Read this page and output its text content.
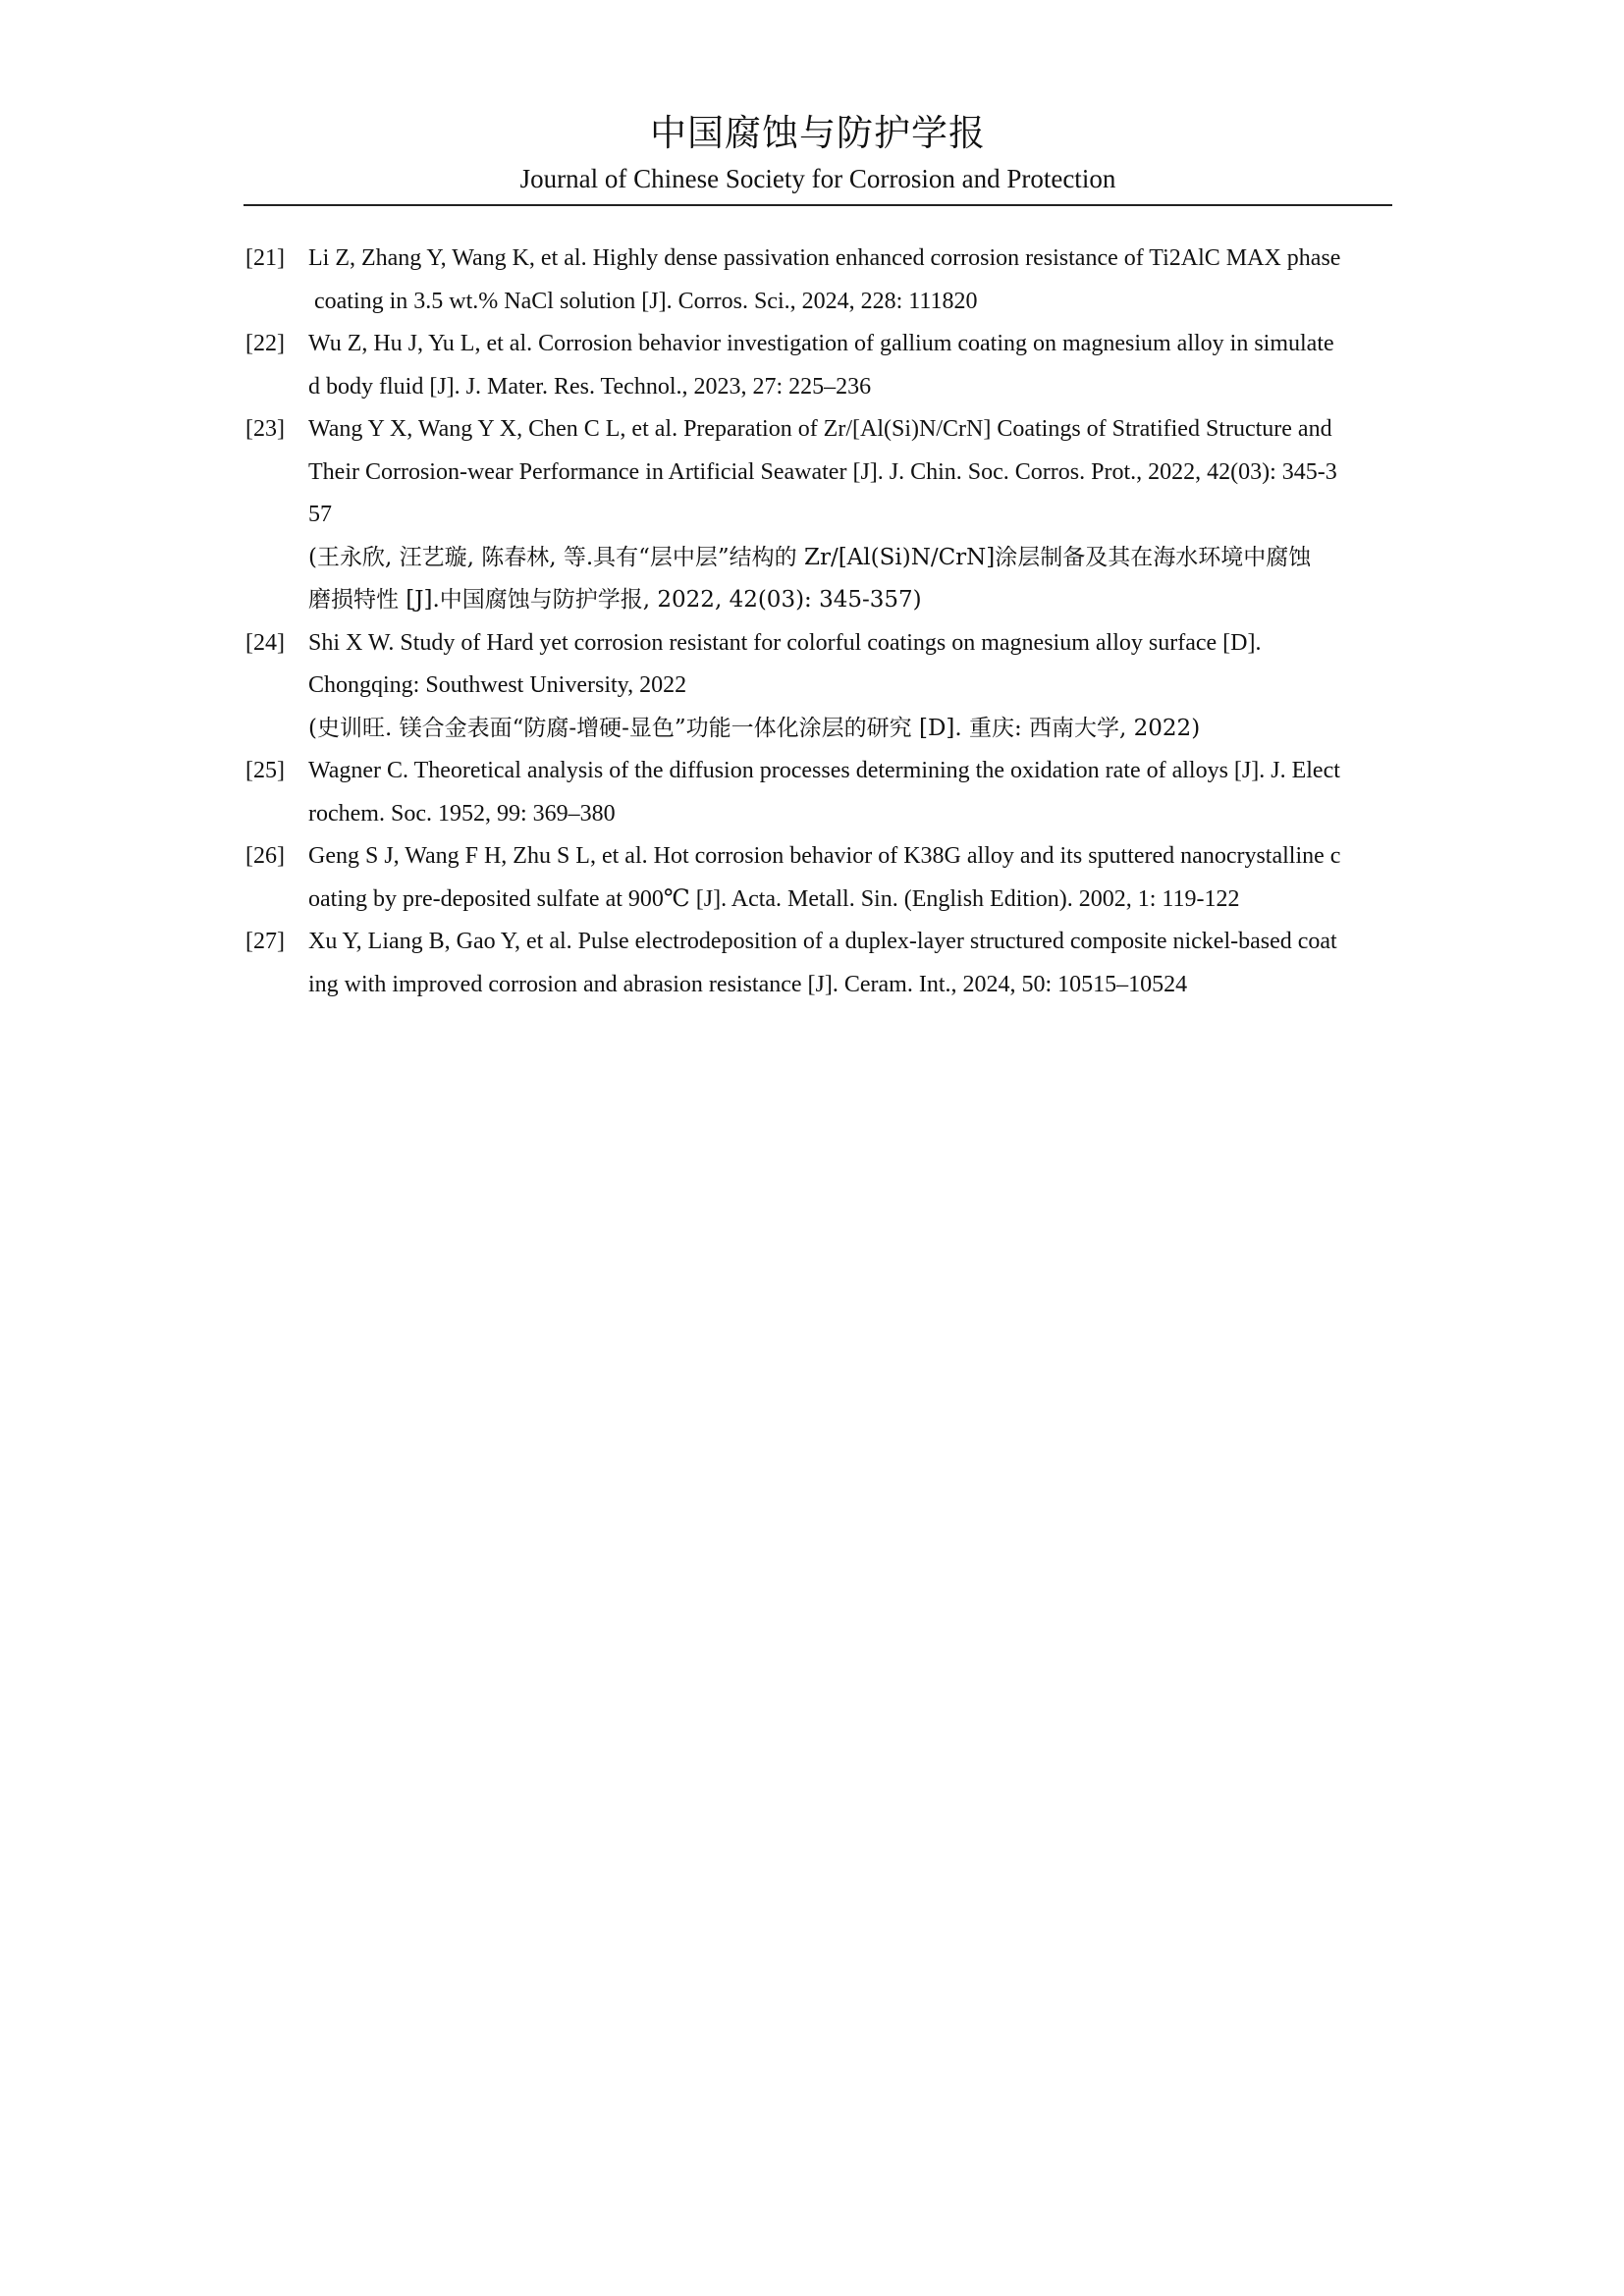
中国腐蚀与防护学报
Journal of Chinese Society for Corrosion and Protection
[21]	Li Z, Zhang Y, Wang K, et al. Highly dense passivation enhanced corrosion resistance of Ti2AlC MAX phase
coating in 3.5 wt.% NaCl solution [J]. Corros. Sci., 2024, 228: 111820
[22]	Wu Z, Hu J, Yu L, et al. Corrosion behavior investigation of gallium coating on magnesium alloy in simulate
d body fluid [J]. J. Mater. Res. Technol., 2023, 27: 225–236
[23]	Wang Y X, Wang Y X, Chen C L, et al. Preparation of Zr/[Al(Si)N/CrN] Coatings of Stratified Structure and
Their Corrosion-wear Performance in Artificial Seawater [J]. J. Chin. Soc. Corros. Prot., 2022, 42(03): 345-3
57
(王永欣, 汪艺璇, 陈春林, 等.具有“层中层”结构的 Zr/[Al(Si)N/CrN]涂层制备及其在海水环境中腐蚀
磨损特性 [J].中国腐蚀与防护学报, 2022, 42(03): 345-357)
[24]	Shi X W. Study of Hard yet corrosion resistant for colorful coatings on magnesium alloy surface [D].
Chongqing: Southwest University, 2022
(史训旺. 镁合金表面“防腐-增硬-显色”功能一体化涂层的研究 [D]. 重庆: 西南大学, 2022)
[25]	Wagner C. Theoretical analysis of the diffusion processes determining the oxidation rate of alloys [J]. J. Elect
rochem. Soc. 1952, 99: 369–380
[26]	Geng S J, Wang F H, Zhu S L, et al. Hot corrosion behavior of K38G alloy and its sputtered nanocrystalline c
oating by pre-deposited sulfate at 900℃ [J]. Acta. Metall. Sin. (English Edition). 2002, 1: 119-122
[27]	Xu Y, Liang B, Gao Y, et al. Pulse electrodeposition of a duplex-layer structured composite nickel-based coat
ing with improved corrosion and abrasion resistance [J]. Ceram. Int., 2024, 50: 10515–10524
